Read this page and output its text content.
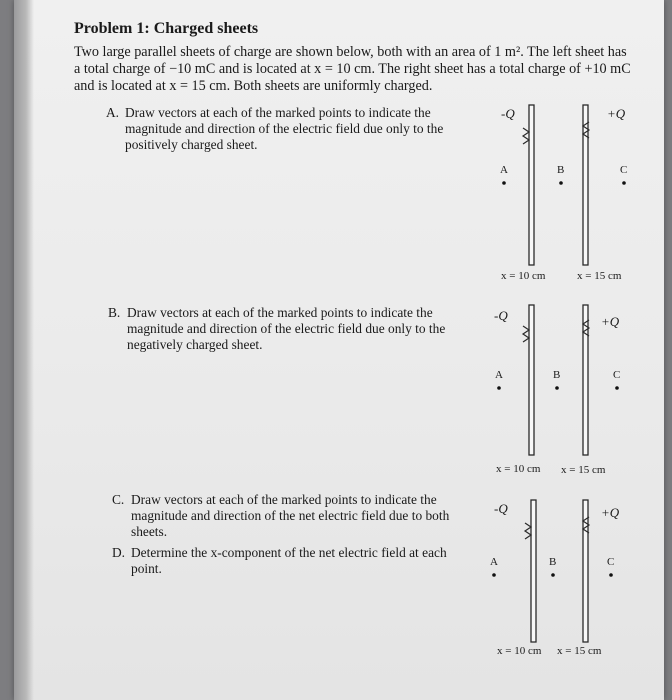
Problem 1: Charged sheets
Two large parallel sheets of charge are shown below, both with an area of 1 m². The left sheet has a total charge of −10 mC and is located at x = 10 cm. The right sheet has a total charge of +10 mC and is located at x = 15 cm. Both sheets are uniformly charged.
A. Draw vectors at each of the marked points to indicate the magnitude and direction of the electric field due only to the positively charged sheet.
B. Draw vectors at each of the marked points to indicate the magnitude and direction of the electric field due only to the negatively charged sheet.
C. Draw vectors at each of the marked points to indicate the magnitude and direction of the net electric field due to both sheets.
D. Determine the x-component of the net electric field at each point.
-Q	+Q
A	B	C
x = 10 cm	x = 15 cm
-Q	+Q
A	B	C
x = 10 cm x = 15 cm
-Q	+Q
A	B	C
x = 10 cm x = 15 cm
